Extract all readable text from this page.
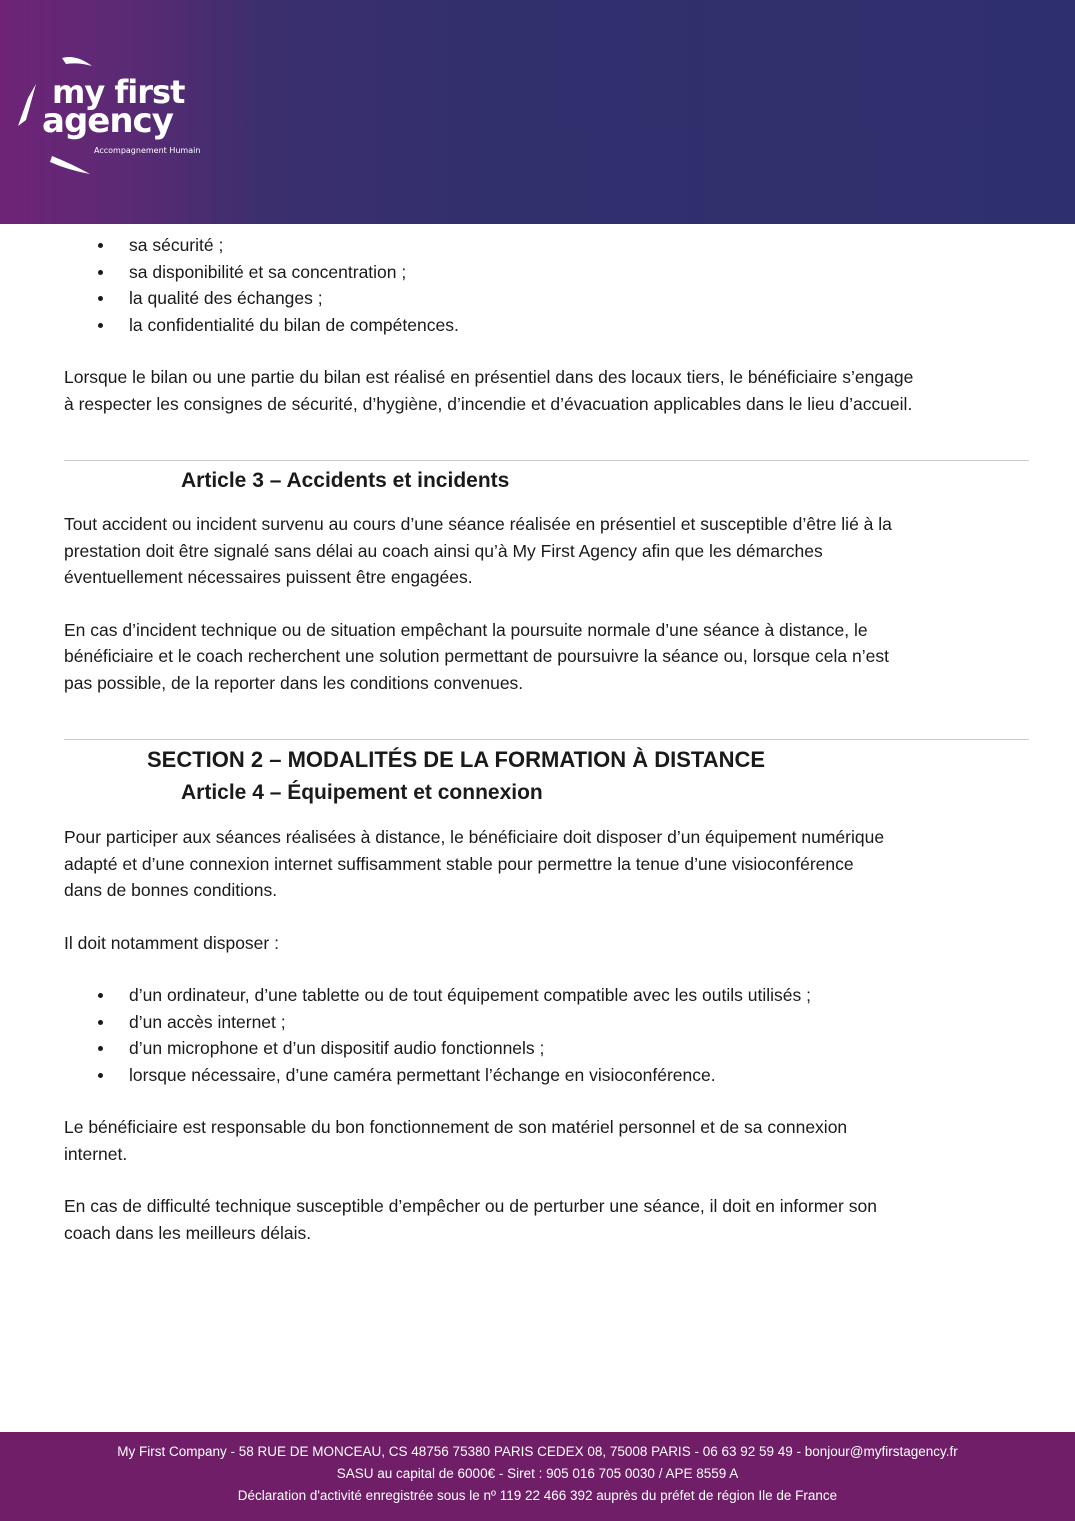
my first
agency
Accompagnement Humain
sa sécurité ;
sa disponibilité et sa concentration ;
la qualité des échanges ;
la confidentialité du bilan de compétences.

Lorsque le bilan ou une partie du bilan est réalisé en présentiel dans des locaux tiers, le bénéficiaire s’engage
à respecter les consignes de sécurité, d’hygiène, d’incendie et d’évacuation applicables dans le lieu d’accueil.

Article 3 – Accidents et incidents

Tout accident ou incident survenu au cours d’une séance réalisée en présentiel et susceptible d’être lié à la
prestation doit être signalé sans délai au coach ainsi qu’à My First Agency afin que les démarches
éventuellement nécessaires puissent être engagées.

En cas d’incident technique ou de situation empêchant la poursuite normale d’une séance à distance, le
bénéficiaire et le coach recherchent une solution permettant de poursuivre la séance ou, lorsque cela n’est
pas possible, de la reporter dans les conditions convenues.

SECTION 2 – MODALITÉS DE LA FORMATION À DISTANCE
Article 4 – Équipement et connexion

Pour participer aux séances réalisées à distance, le bénéficiaire doit disposer d’un équipement numérique
adapté et d’une connexion internet suffisamment stable pour permettre la tenue d’une visioconférence
dans de bonnes conditions.

Il doit notamment disposer :

d’un ordinateur, d’une tablette ou de tout équipement compatible avec les outils utilisés ;
d’un accès internet ;
d’un microphone et d’un dispositif audio fonctionnels ;
lorsque nécessaire, d’une caméra permettant l’échange en visioconférence.

Le bénéficiaire est responsable du bon fonctionnement de son matériel personnel et de sa connexion
internet.

En cas de difficulté technique susceptible d’empêcher ou de perturber une séance, il doit en informer son
coach dans les meilleurs délais.

My First Company - 58 RUE DE MONCEAU, CS 48756 75380 PARIS CEDEX 08, 75008 PARIS - 06 63 92 59 49 - bonjour@myfirstagency.fr
SASU au capital de 6000€ - Siret : 905 016 705 0030 / APE 8559 A
Déclaration d'activité enregistrée sous le nº 119 22 466 392 auprès du préfet de région Ile de France
